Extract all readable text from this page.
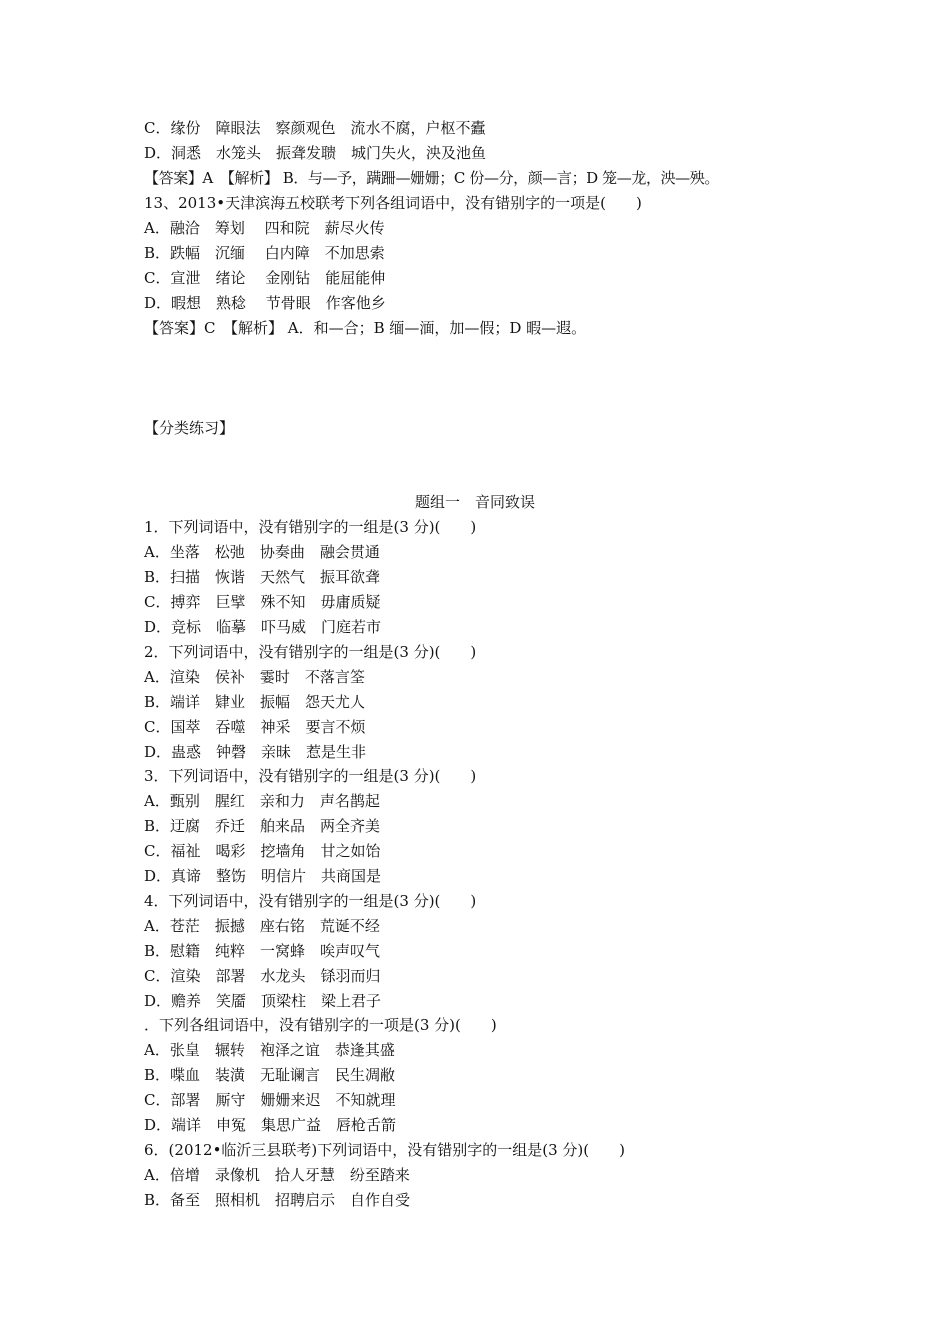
C．缘份　障眼法　察颜观色　流水不腐，户枢不蠹
D．洞悉　水笼头　振聋发聩　城门失火，泱及池鱼
【答案】A　【解析】 B．与—予，蹒跚—姗姗；C 份—分，颜—言；D 笼—龙，泱—殃。
13、2013•天津滨海五校联考下列各组词语中，没有错别字的一项是(　　)
A．融洽　筹划　 四和院　薪尽火传
B．跌幅　沉缅　 白内障　不加思索
C．宣泄　绪论　 金刚钻　能屈能伸
D．暇想　熟稔　 节骨眼　作客他乡
【答案】C　【解析】 A．和—合；B 缅—湎，加—假；D 暇—遐。
【分类练习】
题组一　音同致误
1．下列词语中，没有错别字的一组是(3 分)(　　)
A．坐落　松弛　协奏曲　融会贯通
B．扫描　恢谐　天然气　振耳欲聋
C．搏弈　巨擘　殊不知　毋庸质疑
D．竞标　临摹　吓马威　门庭若市
2．下列词语中，没有错别字的一组是(3 分)(　　)
A．渲染　侯补　霎时　不落言筌
B．端详　肄业　振幅　怨天尤人
C．国萃　吞噬　神采　要言不烦
D．蛊惑　钟磬　亲昧　惹是生非
3．下列词语中，没有错别字的一组是(3 分)(　　)
A．甄别　腥红　亲和力　声名鹊起
B．迂腐　乔迁　舶来品　两全齐美
C．福祉　喝彩　挖墙角　甘之如饴
D．真谛　整饬　明信片　共商国是
4．下列词语中，没有错别字的一组是(3 分)(　　)
A．苍茫　振撼　座右铭　荒诞不经
B．慰籍　纯粹　一窝蜂　唉声叹气
C．渲染　部署　水龙头　铩羽而归
D．赡养　笑靥　顶梁柱　梁上君子
．下列各组词语中，没有错别字的一项是(3 分)(　　)
A．张皇　辗转　袍泽之谊　恭逢其盛
B．喋血　装潢　无耻谰言　民生凋敝
C．部署　厮守　姗姗来迟　不知就理
D．端详　申冤　集思广益　唇枪舌箭
6．(2012•临沂三县联考)下列词语中，没有错别字的一组是(3 分)(　　)
A．倍增　录像机　拾人牙慧　纷至踏来
B．备至　照相机　招聘启示　自作自受
